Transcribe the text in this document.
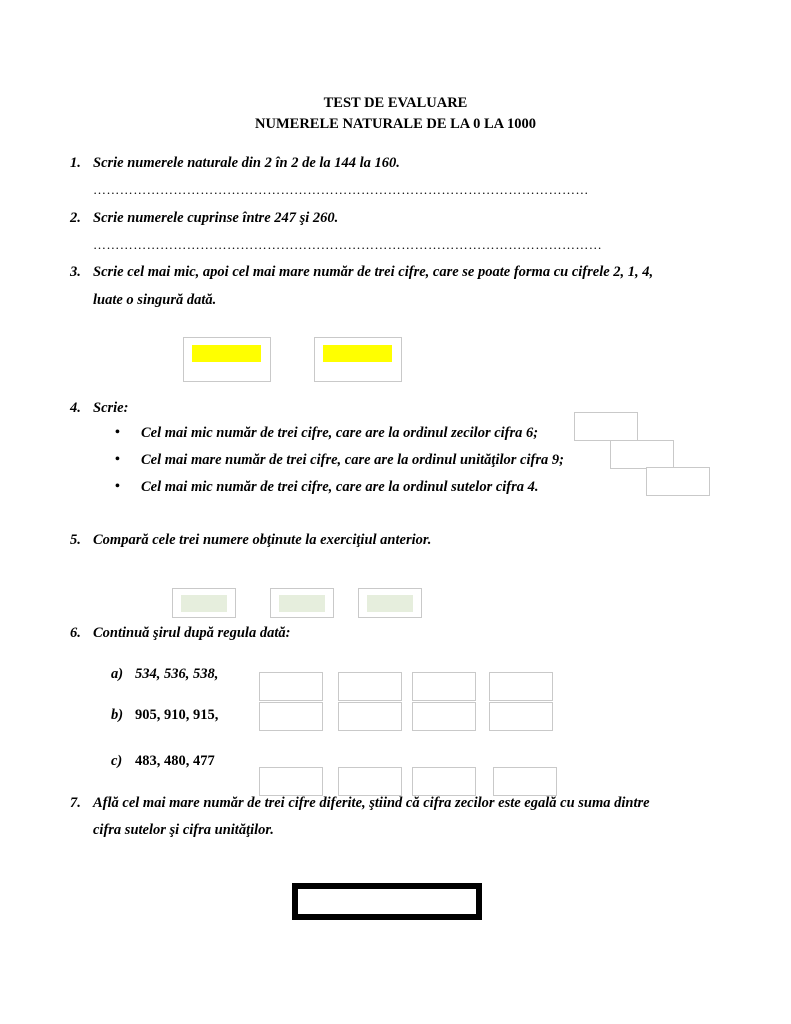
TEST DE EVALUARE
NUMERELE NATURALE DE LA 0 LA 1000
1. Scrie numerele naturale din 2 în 2 de la 144 la 160.
…………………………………………………………………………………………………
2. Scrie numerele cuprinse între 247 şi 260.
……………………………………………………………………………………………………
3. Scrie cel mai mic, apoi cel mai mare număr de trei cifre, care se poate forma cu cifrele 2, 1, 4,
luate o singură dată.
4. Scrie:
• Cel mai mic număr de trei cifre, care are la ordinul zecilor cifra 6;
• Cel mai mare număr de trei cifre, care are la ordinul unităţilor cifra 9;
• Cel mai mic număr de trei cifre, care are la ordinul sutelor cifra 4.
5. Compară cele trei numere obţinute la exerciţiul anterior.
6. Continuă şirul după regula dată:
a) 534, 536, 538,
b) 905, 910, 915,
c) 483, 480, 477
7. Află cel mai mare număr de trei cifre diferite, ştiind că cifra zecilor este egală cu suma dintre
cifra sutelor şi cifra unităţilor.
